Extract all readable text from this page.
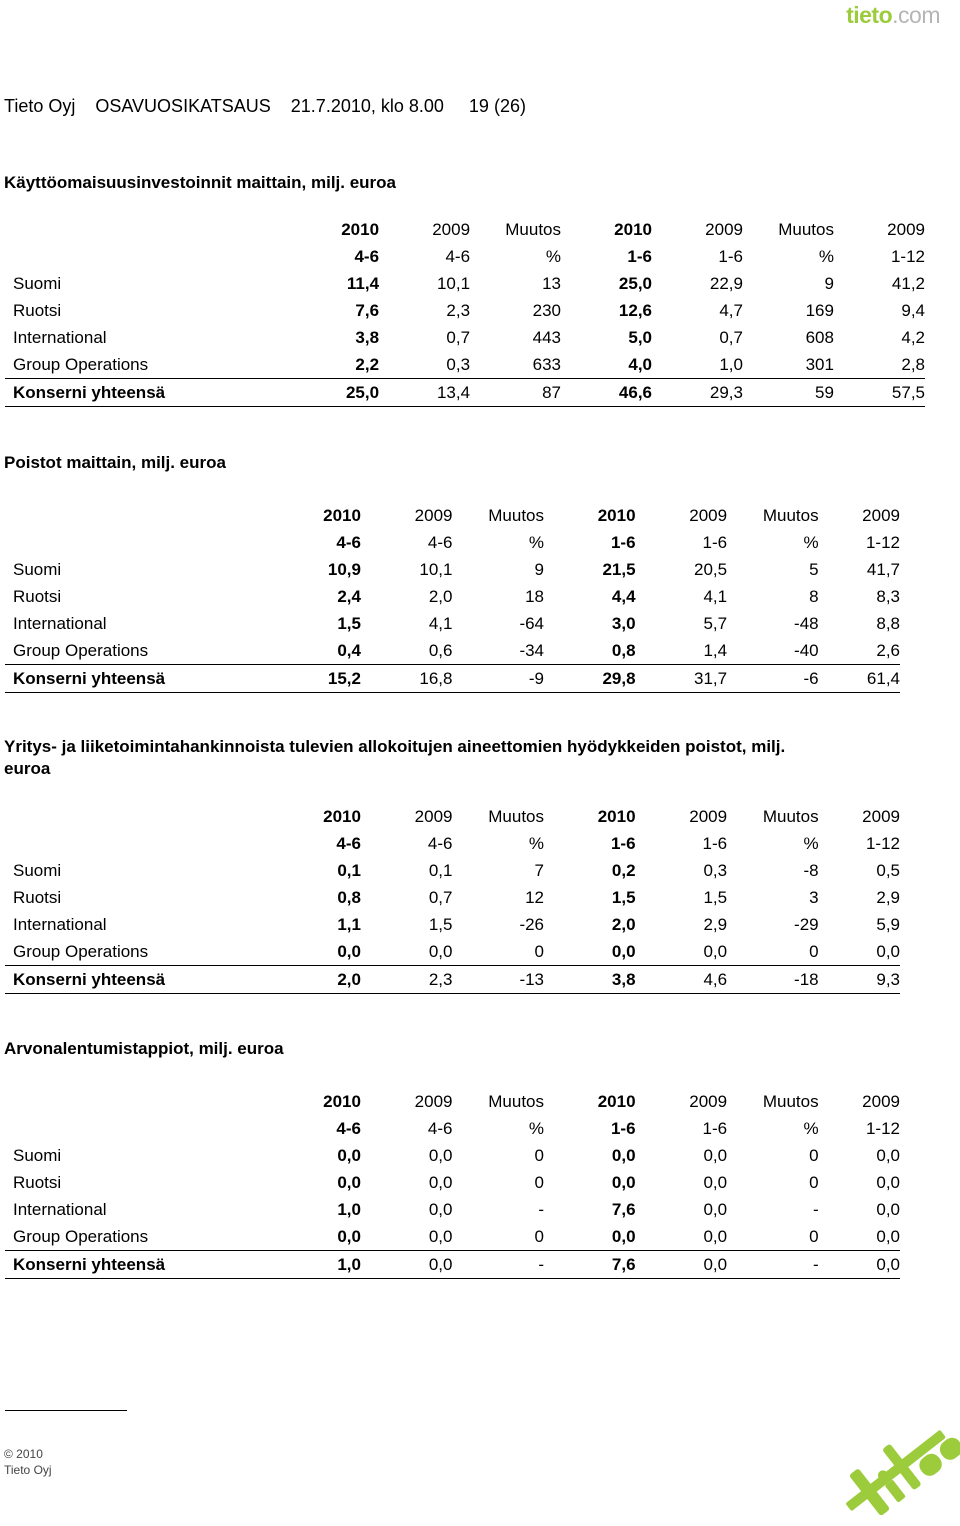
tieto.com
Tieto Oyj OSAVUOSIKATSAUS 21.7.2010, klo 8.00 19 (26)
Käyttöomaisuusinvestoinnit maittain, milj. euroa
	2010	2009	Muutos	2010	2009	Muutos	2009
	4-6	4-6	%	1-6	1-6	%	1-12
Suomi	11,4	10,1	13	25,0	22,9	9	41,2
Ruotsi	7,6	2,3	230	12,6	4,7	169	9,4
International	3,8	0,7	443	5,0	0,7	608	4,2
Group Operations	2,2	0,3	633	4,0	1,0	301	2,8
Konserni yhteensä	25,0	13,4	87	46,6	29,3	59	57,5
Poistot maittain, milj. euroa
	2010	2009	Muutos	2010	2009	Muutos	2009
	4-6	4-6	%	1-6	1-6	%	1-12
Suomi	10,9	10,1	9	21,5	20,5	5	41,7
Ruotsi	2,4	2,0	18	4,4	4,1	8	8,3
International	1,5	4,1	-64	3,0	5,7	-48	8,8
Group Operations	0,4	0,6	-34	0,8	1,4	-40	2,6
Konserni yhteensä	15,2	16,8	-9	29,8	31,7	-6	61,4
Yritys- ja liiketoimintahankinnoista tulevien allokoitujen aineettomien hyödykkeiden poistot, milj. euroa
	2010	2009	Muutos	2010	2009	Muutos	2009
	4-6	4-6	%	1-6	1-6	%	1-12
Suomi	0,1	0,1	7	0,2	0,3	-8	0,5
Ruotsi	0,8	0,7	12	1,5	1,5	3	2,9
International	1,1	1,5	-26	2,0	2,9	-29	5,9
Group Operations	0,0	0,0	0	0,0	0,0	0	0,0
Konserni yhteensä	2,0	2,3	-13	3,8	4,6	-18	9,3
Arvonalentumistappiot, milj. euroa
	2010	2009	Muutos	2010	2009	Muutos	2009
	4-6	4-6	%	1-6	1-6	%	1-12
Suomi	0,0	0,0	0	0,0	0,0	0	0,0
Ruotsi	0,0	0,0	0	0,0	0,0	0	0,0
International	1,0	0,0	-	7,6	0,0	-	0,0
Group Operations	0,0	0,0	0	0,0	0,0	0	0,0
Konserni yhteensä	1,0	0,0	-	7,6	0,0	-	0,0
© 2010
Tieto Oyj
